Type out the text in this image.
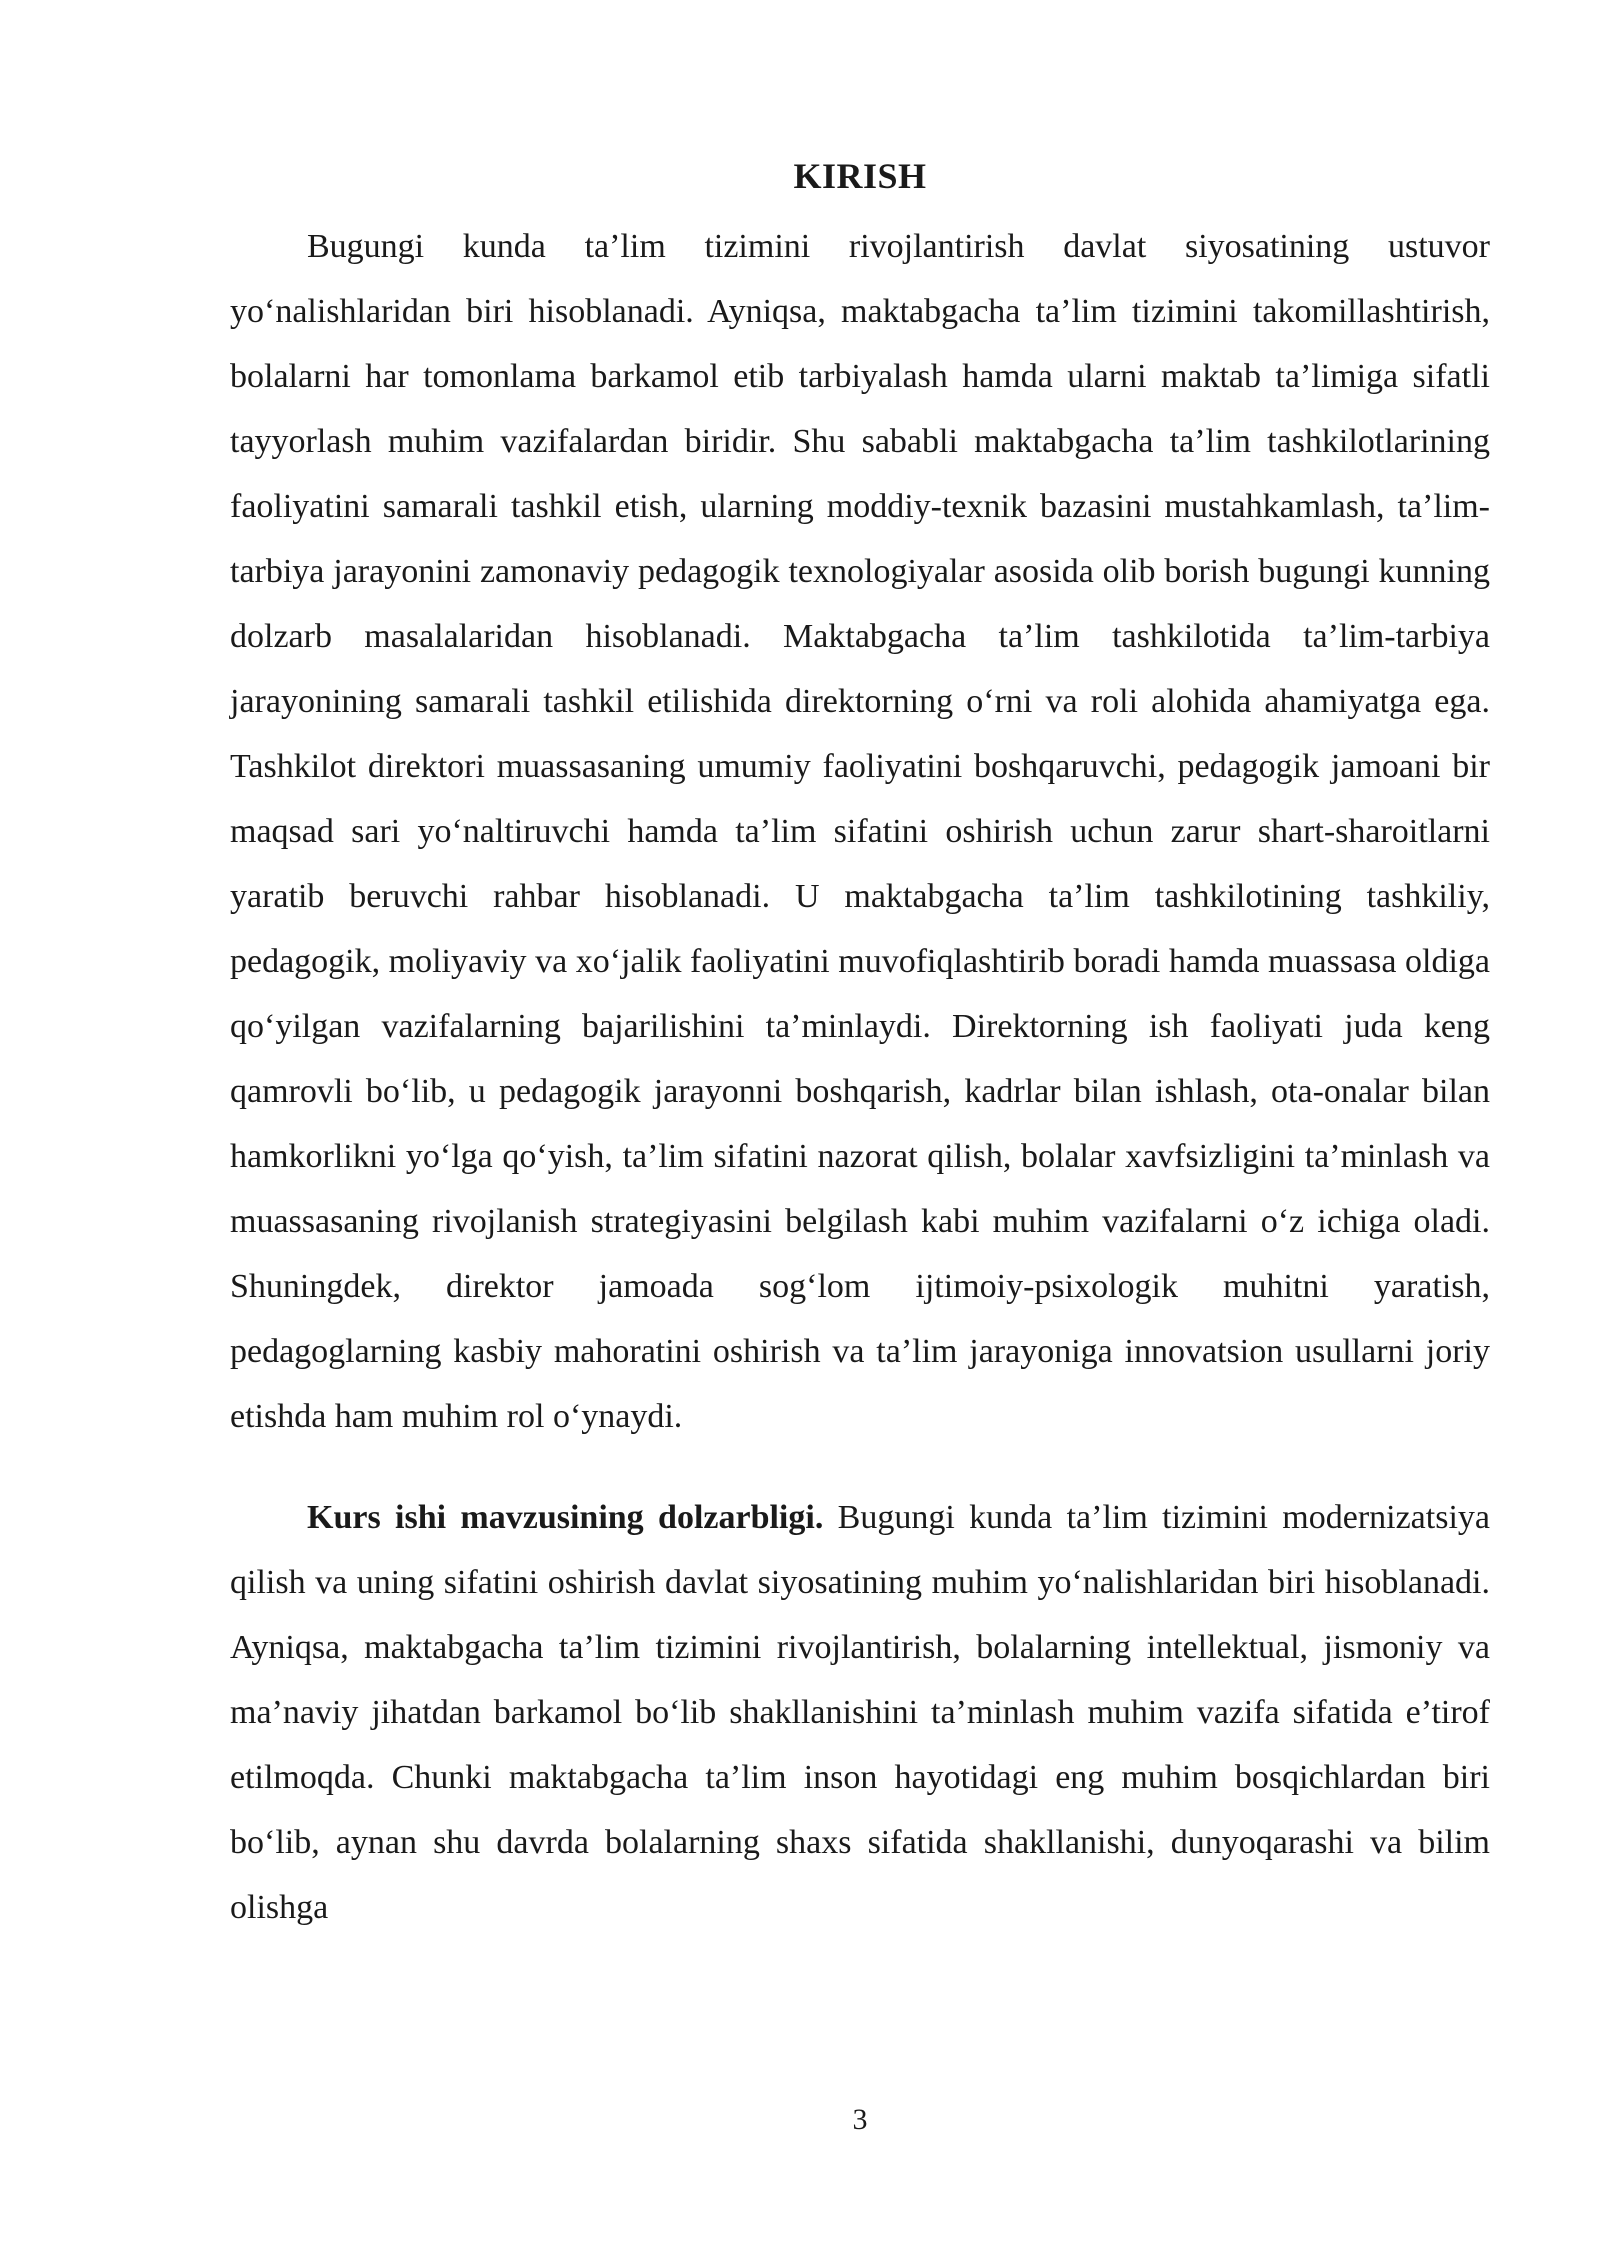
KIRISH

Bugungi kunda ta’lim tizimini rivojlantirish davlat siyosatining ustuvor yo‘nalishlaridan biri hisoblanadi. Ayniqsa, maktabgacha ta’lim tizimini takomillashtirish, bolalarni har tomonlama barkamol etib tarbiyalash hamda ularni maktab ta’limiga sifatli tayyorlash muhim vazifalardan biridir. Shu sababli maktabgacha ta’lim tashkilotlarining faoliyatini samarali tashkil etish, ularning moddiy-texnik bazasini mustahkamlash, ta’lim-tarbiya jarayonini zamonaviy pedagogik texnologiyalar asosida olib borish bugungi kunning dolzarb masalalaridan hisoblanadi. Maktabgacha ta’lim tashkilotida ta’lim-tarbiya jarayonining samarali tashkil etilishida direktorning o‘rni va roli alohida ahamiyatga ega. Tashkilot direktori muassasaning umumiy faoliyatini boshqaruvchi, pedagogik jamoani bir maqsad sari yo‘naltiruvchi hamda ta’lim sifatini oshirish uchun zarur shart-sharoitlarni yaratib beruvchi rahbar hisoblanadi. U maktabgacha ta’lim tashkilotining tashkiliy, pedagogik, moliyaviy va xo‘jalik faoliyatini muvofiqlashtirib boradi hamda muassasa oldiga qo‘yilgan vazifalarning bajarilishini ta’minlaydi. Direktorning ish faoliyati juda keng qamrovli bo‘lib, u pedagogik jarayonni boshqarish, kadrlar bilan ishlash, ota-onalar bilan hamkorlikni yo‘lga qo‘yish, ta’lim sifatini nazorat qilish, bolalar xavfsizligini ta’minlash va muassasaning rivojlanish strategiyasini belgilash kabi muhim vazifalarni o‘z ichiga oladi. Shuningdek, direktor jamoada sog‘lom ijtimoiy-psixologik muhitni yaratish, pedagoglarning kasbiy mahoratini oshirish va ta’lim jarayoniga innovatsion usullarni joriy etishda ham muhim rol o‘ynaydi.

Kurs ishi mavzusining dolzarbligi. Bugungi kunda ta’lim tizimini modernizatsiya qilish va uning sifatini oshirish davlat siyosatining muhim yo‘nalishlaridan biri hisoblanadi. Ayniqsa, maktabgacha ta’lim tizimini rivojlantirish, bolalarning intellektual, jismoniy va ma’naviy jihatdan barkamol bo‘lib shakllanishini ta’minlash muhim vazifa sifatida e’tirof etilmoqda. Chunki maktabgacha ta’lim inson hayotidagi eng muhim bosqichlardan biri bo‘lib, aynan shu davrda bolalarning shaxs sifatida shakllanishi, dunyoqarashi va bilim olishga

3
